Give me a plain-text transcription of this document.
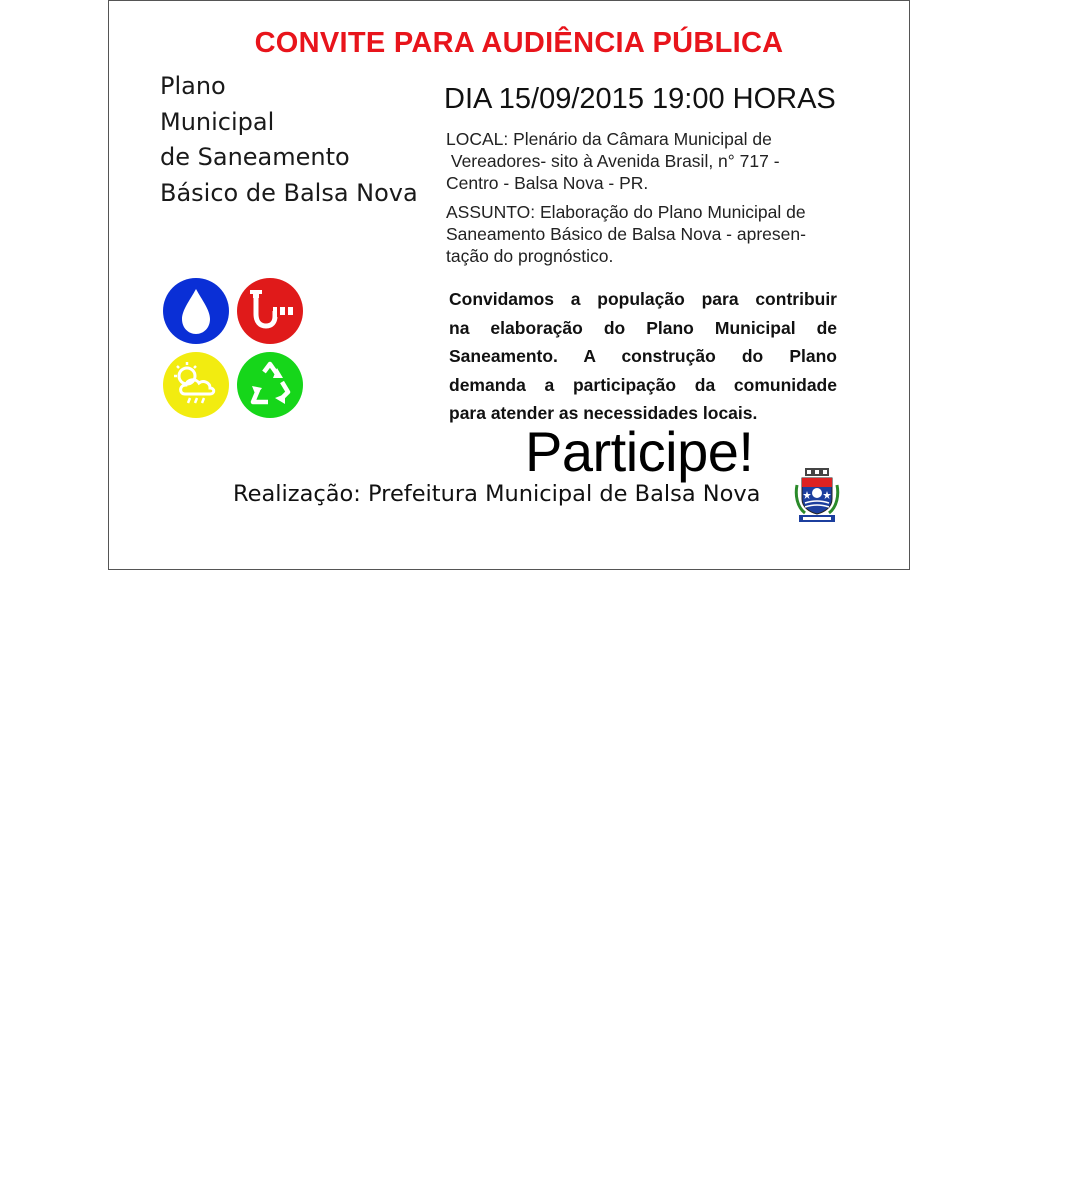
CONVITE PARA AUDIÊNCIA PÚBLICA
Plano
Municipal
de Saneamento
Básico de Balsa Nova
DIA 15/09/2015 19:00 HORAS
LOCAL: Plenário da Câmara Municipal de
Vereadores- sito à Avenida Brasil, n° 717 -
Centro - Balsa Nova - PR.
ASSUNTO: Elaboração do Plano Municipal de
Saneamento Básico de Balsa Nova - apresen-
tação do prognóstico.
Convidamos a população para contribuir
na elaboração do Plano Municipal de
Saneamento. A construção do Plano
demanda a participação da comunidade
para atender as necessidades locais.
Participe!
Realização: Prefeitura Municipal de Balsa Nova
